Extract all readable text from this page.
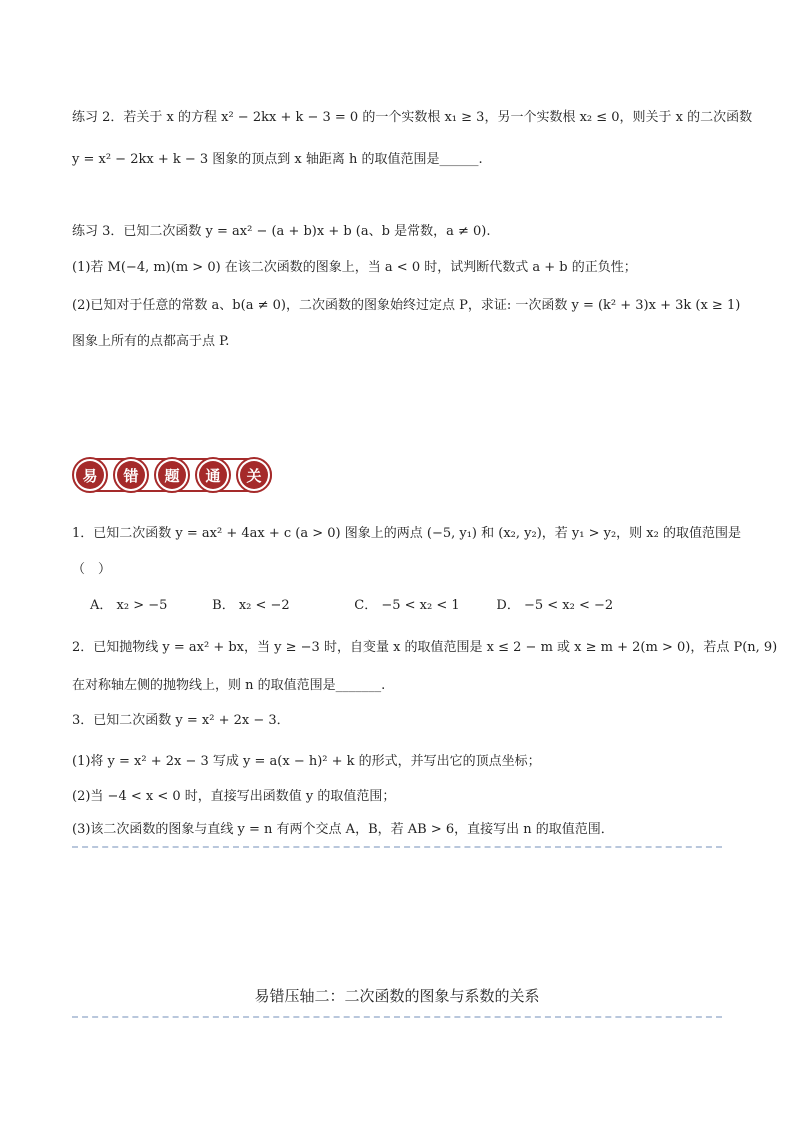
练习 2．若关于 x 的方程 x² − 2kx + k − 3 = 0 的一个实数根 x₁ ≥ 3，另一个实数根 x₂ ≤ 0，则关于 x 的二次函数
y = x² − 2kx + k − 3 图象的顶点到 x 轴距离 h 的取值范围是______.
练习 3．已知二次函数 y = ax² − (a + b)x + b (a、b 是常数，a ≠ 0).
(1)若 M(−4, m)(m > 0) 在该二次函数的图象上，当 a < 0 时，试判断代数式 a + b 的正负性；
(2)已知对于任意的常数 a、b(a ≠ 0)，二次函数的图象始终过定点 P，求证: 一次函数 y = (k² + 3)x + 3k (x ≥ 1)
图象上所有的点都高于点 P.
易	错	题	通	关
1．已知二次函数 y = ax² + 4ax + c (a > 0) 图象上的两点 (−5, y₁) 和 (x₂, y₂)，若 y₁ > y₂，则 x₂ 的取值范围是
（　）
A． x₂ > −5	B． x₂ < −2	C． −5 < x₂ < 1	D． −5 < x₂ < −2
2．已知抛物线 y = ax² + bx，当 y ≥ −3 时，自变量 x 的取值范围是 x ≤ 2 − m 或 x ≥ m + 2(m > 0)，若点 P(n, 9)
在对称轴左侧的抛物线上，则 n 的取值范围是_______.
3．已知二次函数 y = x² + 2x − 3．
(1)将 y = x² + 2x − 3 写成 y = a(x − h)² + k 的形式，并写出它的顶点坐标；
(2)当 −4 < x < 0 时，直接写出函数值 y 的取值范围；
(3)该二次函数的图象与直线 y = n 有两个交点 A，B，若 AB > 6，直接写出 n 的取值范围．
易错压轴二：二次函数的图象与系数的关系
